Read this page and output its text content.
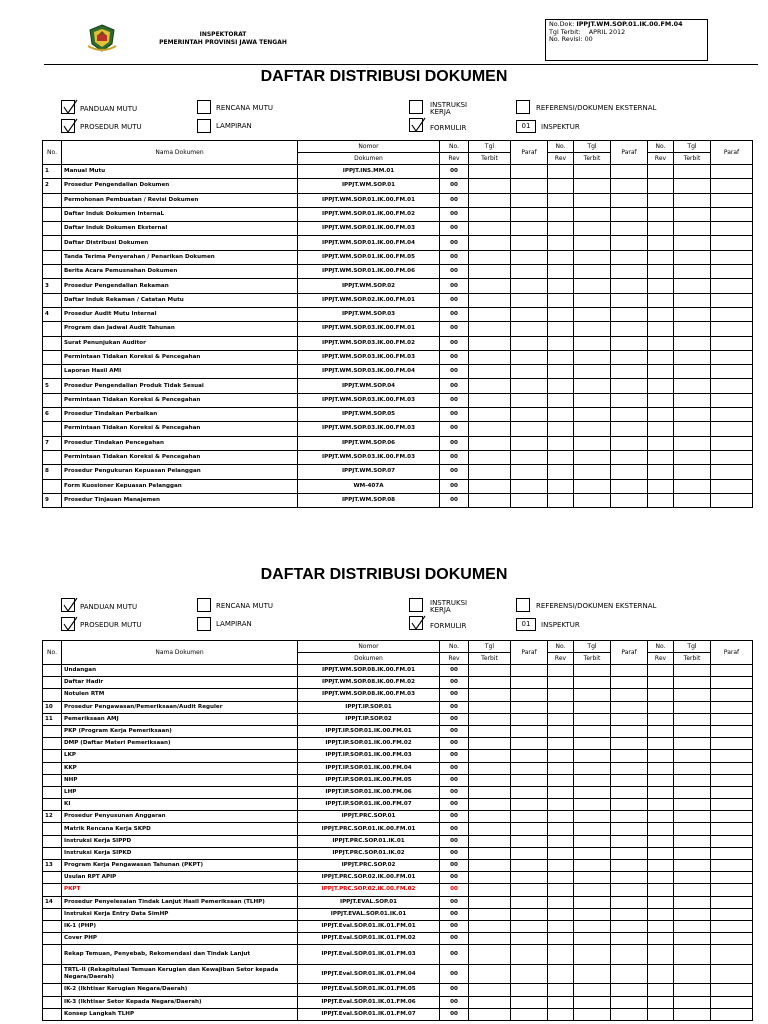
INSPEKTORAT
PEMERINTAH PROVINSI JAWA TENGAH
No.Dok: IPPJT.WM.SOP.01.IK.00.FM.04
Tgl Terbit: APRIL 2012
No. Revisi: 00
DAFTAR DISTRIBUSI DOKUMEN
PANDUAN MUTU	RENCANA MUTU	INSTRUKSI KERJA	REFERENSI/DOKUMEN EKSTERNAL
PROSEDUR MUTU	LAMPIRAN	FORMULIR	01	INSPEKTUR
No.	Nama Dokumen	Nomor	No.	Tgl	Paraf	No.	Tgl	Paraf	No.	Tgl	Paraf
		Dokumen	Rev	Terbit		Rev	Terbit		Rev	Terbit	
1	Manual Mutu	IPPJT.INS.MM.01	00								
2	Prosedur Pengendalian Dokumen	IPPJT.WM.SOP.01	00								
	Permohonan Pembuatan / Revisi Dokumen	IPPJT.WM.SOP.01.IK.00.FM.01	00								
	Daftar Induk Dokumen InternaL	IPPJT.WM.SOP.01.IK.00.FM.02	00								
	Daftar Induk Dokumen Eksternal	IPPJT.WM.SOP.01.IK.00.FM.03	00								
	Daftar Distribusi Dokumen	IPPJT.WM.SOP.01.IK.00.FM.04	00								
	Tanda Terima Penyerahan / Penarikan Dokumen	IPPJT.WM.SOP.01.IK.00.FM.05	00								
	Berita Acara Pemusnahan Dokumen	IPPJT.WM.SOP.01.IK.00.FM.06	00								
3	Prosedur Pengendalian Rekaman	IPPJT.WM.SOP.02	00								
	Daftar Induk Rekaman / Catatan Mutu	IPPJT.WM.SOP.02.IK.00.FM.01	00								
4	Prosedur Audit Mutu Internal	IPPJT.WM.SOP.03	00								
	Program dan Jadwal Audit Tahunan	IPPJT.WM.SOP.03.IK.00.FM.01	00								
	Surat Penunjukan Auditor	IPPJT.WM.SOP.03.IK.00.FM.02	00								
	Permintaan Tidakan Koreksi & Pencegahan	IPPJT.WM.SOP.03.IK.00.FM.03	00								
	Laporan Hasil AMI	IPPJT.WM.SOP.03.IK.00.FM.04	00								
5	Prosedur Pengendalian Produk Tidak Sesuai	IPPJT.WM.SOP.04	00								
	Permintaan Tidakan Koreksi & Pencegahan	IPPJT.WM.SOP.03.IK.00.FM.03	00								
6	Prosedur Tindakan Perbaikan	IPPJT.WM.SOP.05	00								
	Permintaan Tidakan Koreksi & Pencegahan	IPPJT.WM.SOP.03.IK.00.FM.03	00								
7	Prosedur Tindakan Pencegahan	IPPJT.WM.SOP.06	00								
	Permintaan Tidakan Koreksi & Pencegahan	IPPJT.WM.SOP.03.IK.00.FM.03	00								
8	Prosedur Pengukuran Kepuasan Pelanggan	IPPJT.WM.SOP.07	00								
	Form Kuosioner Kepuasan Pelanggan	WM-407A	00								
9	Prosedur Tinjauan Manajemen	IPPJT.WM.SOP.08	00								
DAFTAR DISTRIBUSI DOKUMEN
PANDUAN MUTU	RENCANA MUTU	INSTRUKSI KERJA	REFERENSI/DOKUMEN EKSTERNAL
PROSEDUR MUTU	LAMPIRAN	FORMULIR	01	INSPEKTUR
No.	Nama Dokumen	Nomor	No.	Tgl	Paraf	No.	Tgl	Paraf	No.	Tgl	Paraf
		Dokumen	Rev	Terbit		Rev	Terbit		Rev	Terbit	
	Undangan	IPPJT.WM.SOP.08.IK.00.FM.01	00								
	Daftar Hadir	IPPJT.WM.SOP.08.IK.00.FM.02	00								
	Notulen RTM	IPPJT.WM.SOP.08.IK.00.FM.03	00								
10	Prosedur Pengawasan/Pemeriksaan/Audit Reguler	IPPJT.IP.SOP.01	00								
11	Pemeriksaan AMJ	IPPJT.IP.SOP.02	00								
	PKP (Program Kerja Pemeriksaan)	IPPJT.IP.SOP.01.IK.00.FM.01	00								
	DMP (Daftar Materi Pemeriksaan)	IPPJT.IP.SOP.01.IK.00.FM.02	00								
	LKP	IPPJT.IP.SOP.01.IK.00.FM.03	00								
	KKP	IPPJT.IP.SOP.01.IK.00.FM.04	00								
	NHP	IPPJT.IP.SOP.01.IK.00.FM.05	00								
	LHP	IPPJT.IP.SOP.01.IK.00.FM.06	00								
	KI	IPPJT.IP.SOP.01.IK.00.FM.07	00								
12	Prosedur Penyusunan Anggaran	IPPJT.PRC.SOP.01	00								
	Matrik Rencana Kerja SKPD	IPPJT.PRC.SOP.01.IK.00.FM.01	00								
	Instruksi Kerja SIPPD	IPPJT.PRC.SOP.01.IK.01	00								
	Instruksi Kerja SIPKD	IPPJT.PRC.SOP.01.IK.02	00								
13	Program Kerja Pengawasan Tahunan (PKPT)	IPPJT.PRC.SOP.02	00								
	Usulan RPT APIP	IPPJT.PRC.SOP.02.IK.00.FM.01	00								
	PKPT	IPPJT.PRC.SOP.02.IK.00.FM.02	00								
14	Prosedur Penyelesaian Tindak Lanjut Hasil Pemeriksaan (TLHP)	IPPJT.EVAL.SOP.01	00								
	Instruksi Kerja Entry Data SimHP	IPPJT.EVAL.SOP.01.IK.01	00								
	IK-1 (PHP)	IPPJT.Eval.SOP.01.IK.01.FM.01	00								
	Cover PHP	IPPJT.Eval.SOP.01.IK.01.FM.02	00								
	Rekap Temuan, Penyebab, Rekomendasi dan Tindak Lanjut	IPPJT.Eval.SOP.01.IK.01.FM.03	00								
	TRTL-II (Rekapitulasi Temuan Kerugian dan Kewajiban Setor kepada Negara/Daerah)	IPPJT.Eval.SOP.01.IK.01.FM.04	00								
	IK-2 (Ikhtisar Kerugian Negara/Daerah)	IPPJT.Eval.SOP.01.IK.01.FM.05	00								
	IK-3 (Ikhtisar Setor Kepada Negara/Daerah)	IPPJT.Eval.SOP.01.IK.01.FM.06	00								
	Konsep Langkah TLHP	IPPJT.Eval.SOP.01.IK.01.FM.07	00								
